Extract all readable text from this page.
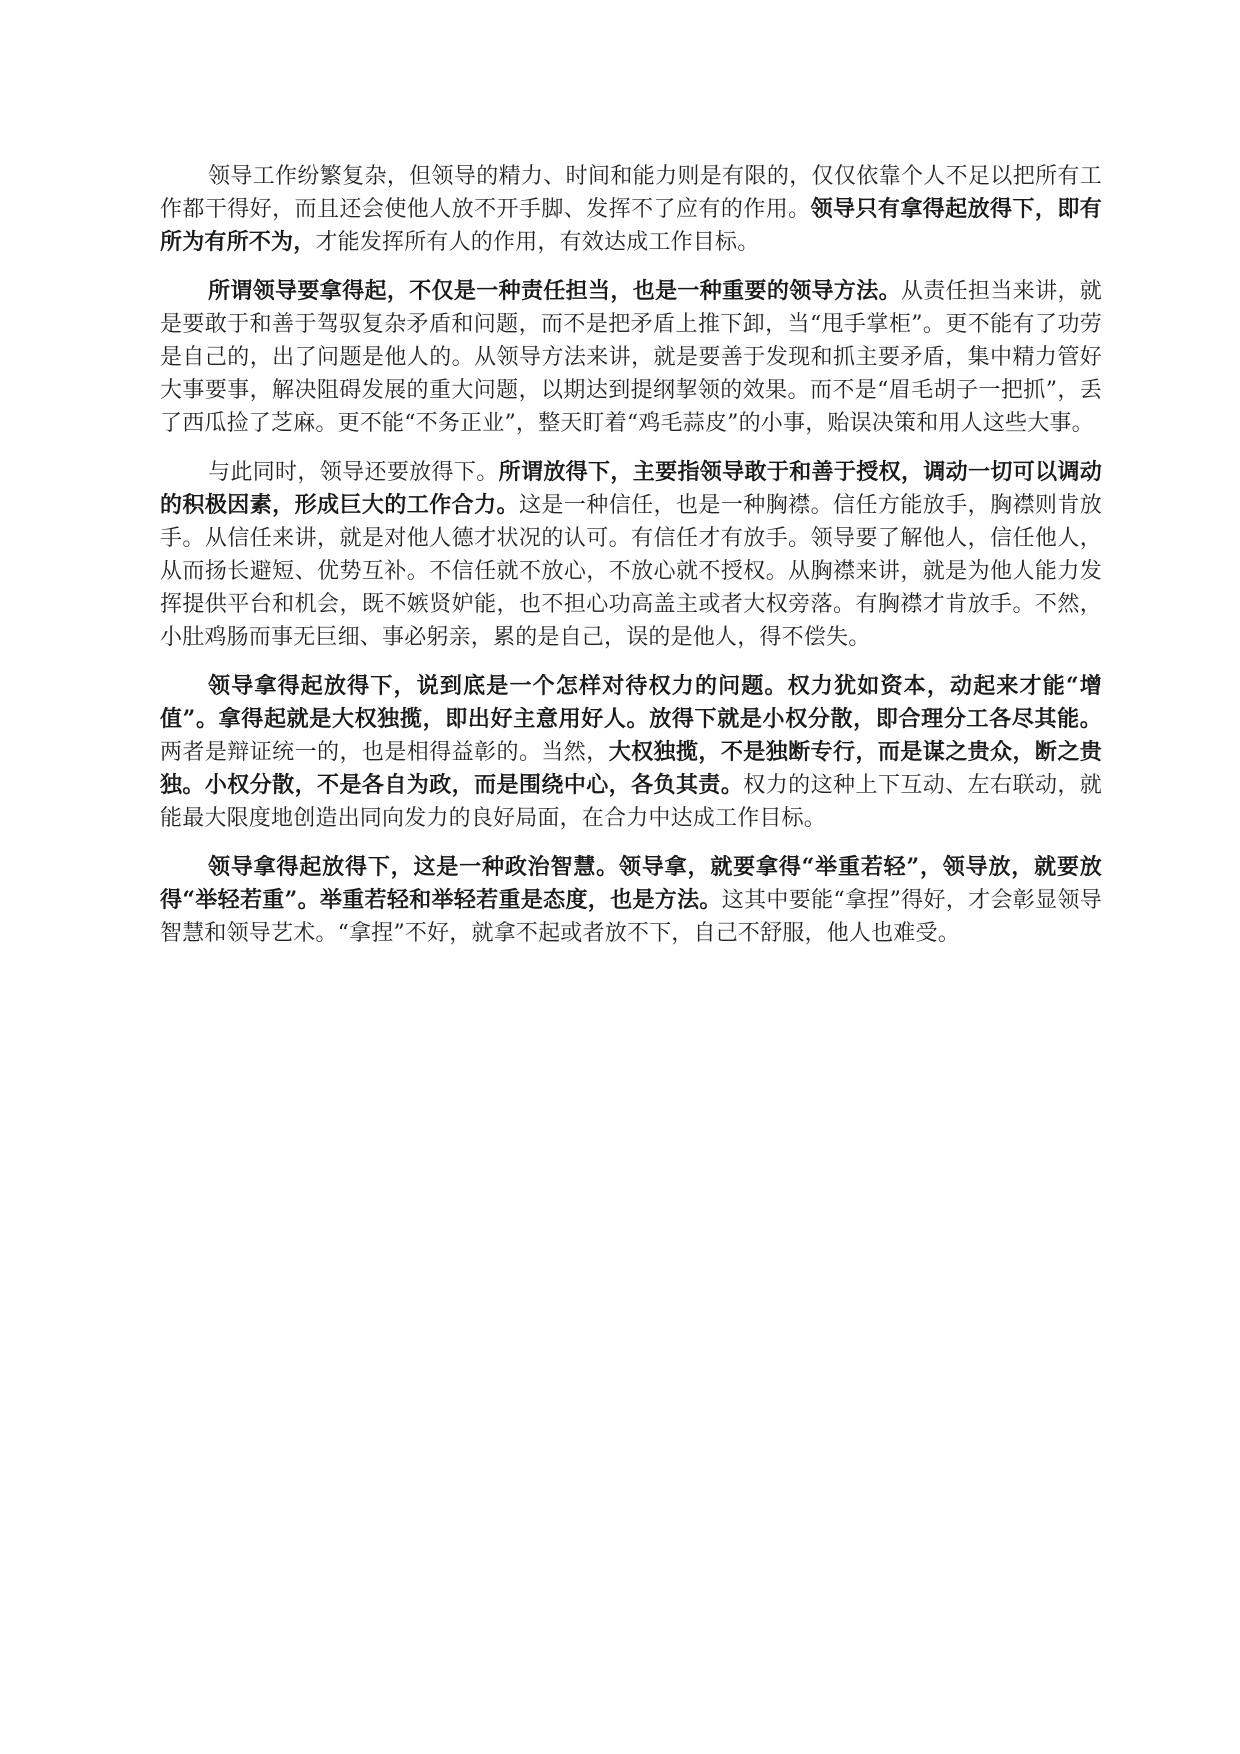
领导工作纷繁复杂，但领导的精力、时间和能力则是有限的，仅仅依靠个人不足以把所有工作都干得好，而且还会使他人放不开手脚、发挥不了应有的作用。领导只有拿得起放得下，即有所为有所不为，才能发挥所有人的作用，有效达成工作目标。

所谓领导要拿得起，不仅是一种责任担当，也是一种重要的领导方法。从责任担当来讲，就是要敢于和善于驾驭复杂矛盾和问题，而不是把矛盾上推下卸，当“甩手掌柜”。更不能有了功劳是自己的，出了问题是他人的。从领导方法来讲，就是要善于发现和抓主要矛盾，集中精力管好大事要事，解决阻碍发展的重大问题，以期达到提纲挈领的效果。而不是“眉毛胡子一把抓”，丢了西瓜捡了芝麻。更不能“不务正业”，整天盯着“鸡毛蒜皮”的小事，贻误决策和用人这些大事。

与此同时，领导还要放得下。所谓放得下，主要指领导敢于和善于授权，调动一切可以调动的积极因素，形成巨大的工作合力。这是一种信任，也是一种胸襟。信任方能放手，胸襟则肯放手。从信任来讲，就是对他人德才状况的认可。有信任才有放手。领导要了解他人，信任他人，从而扬长避短、优势互补。不信任就不放心，不放心就不授权。从胸襟来讲，就是为他人能力发挥提供平台和机会，既不嫉贤妒能，也不担心功高盖主或者大权旁落。有胸襟才肯放手。不然，小肚鸡肠而事无巨细、事必躬亲，累的是自己，误的是他人，得不偿失。

领导拿得起放得下，说到底是一个怎样对待权力的问题。权力犹如资本，动起来才能“增值”。拿得起就是大权独揽，即出好主意用好人。放得下就是小权分散，即合理分工各尽其能。两者是辩证统一的，也是相得益彰的。当然，大权独揽，不是独断专行，而是谋之贵众，断之贵独。小权分散，不是各自为政，而是围绕中心，各负其责。权力的这种上下互动、左右联动，就能最大限度地创造出同向发力的良好局面，在合力中达成工作目标。

领导拿得起放得下，这是一种政治智慧。领导拿，就要拿得“举重若轻”，领导放，就要放得“举轻若重”。举重若轻和举轻若重是态度，也是方法。这其中要能“拿捏”得好，才会彰显领导智慧和领导艺术。“拿捏”不好，就拿不起或者放不下，自己不舒服，他人也难受。
